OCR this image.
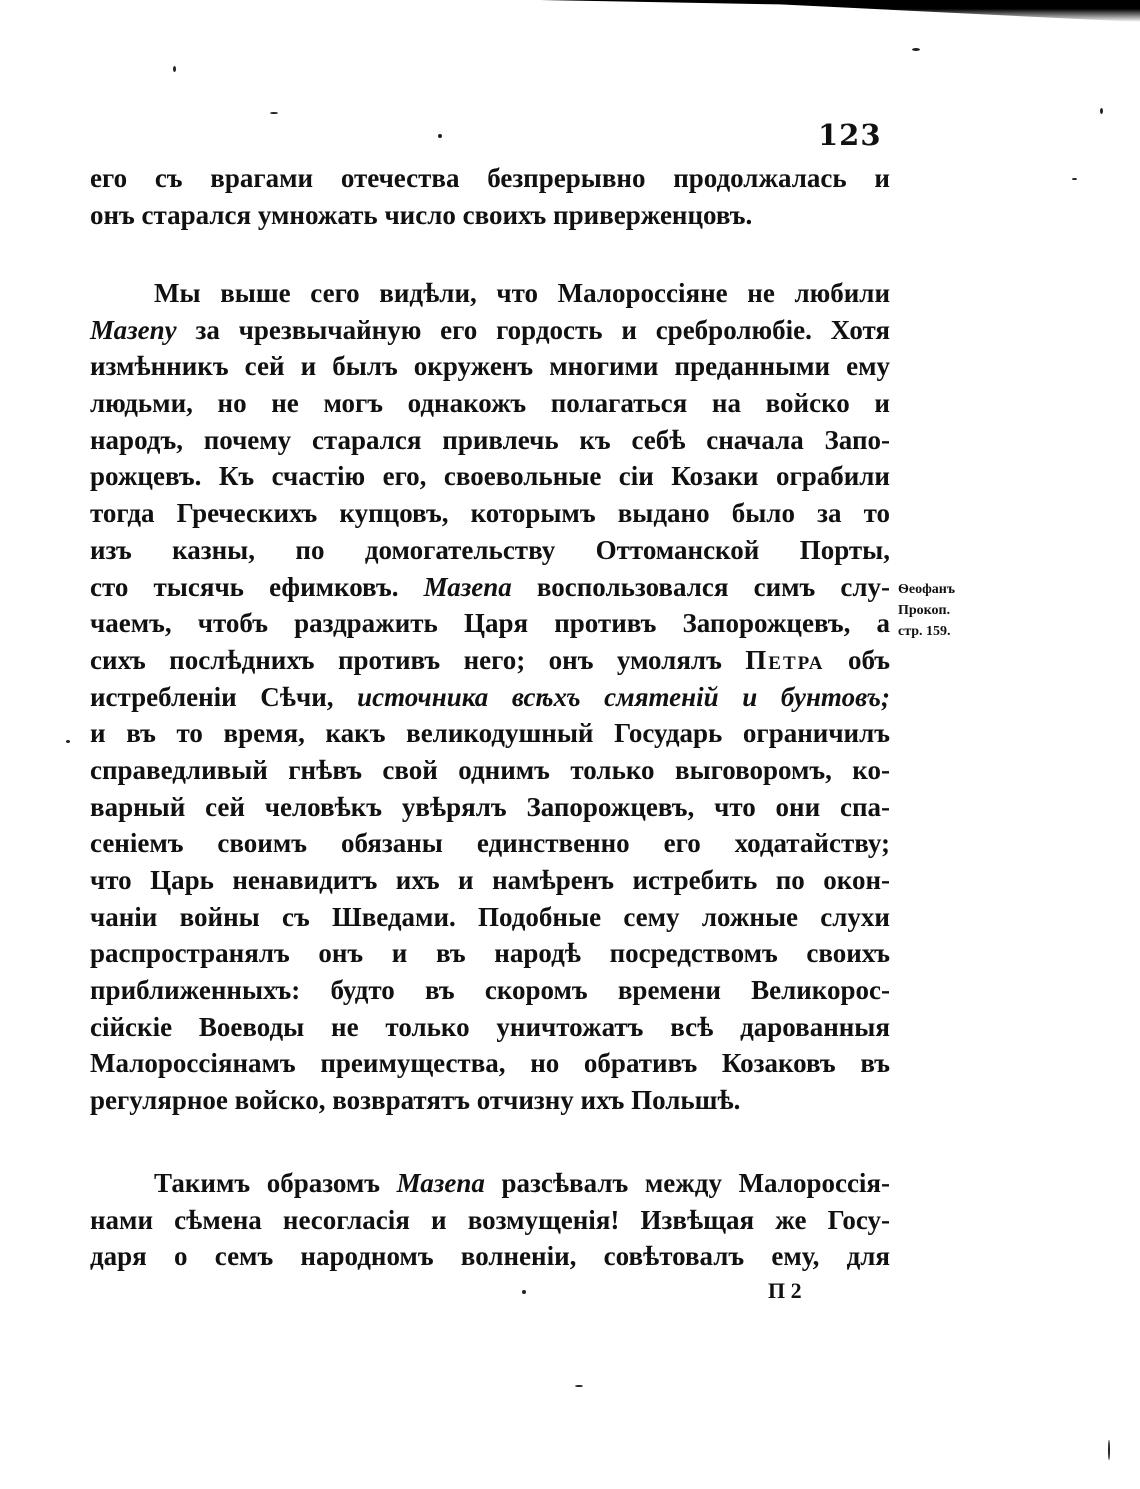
123
его съ врагами отечества безпрерывно продолжалась и
онъ старался умножать число своихъ приверженцовъ.
Мы выше сего видѣли, что Малороссіяне не любили
Мазепу за чрезвычайную его гордость и сребролюбіе. Хотя
измѣнникъ сей и былъ окруженъ многими преданными ему
людьми, но не могъ однакожъ полагаться на войско и
народъ, почему старался привлечь къ себѣ сначала Запо-
рожцевъ. Къ счастію его, своевольные сіи Козаки ограбили
тогда Греческихъ купцовъ, которымъ выдано было за то
изъ казны, по домогательству Оттоманской Порты,
сто тысячь ефимковъ. Мазепа воспользовался симъ слу-
чаемъ, чтобъ раздражить Царя противъ Запорожцевъ, а
сихъ послѣднихъ противъ него; онъ умолялъ Петра объ
истребленіи Сѣчи, источника всѣхъ смятеній и бунтовъ;
и въ то время, какъ великодушный Государь ограничилъ
справедливый гнѣвъ свой однимъ только выговоромъ, ко-
варный сей человѣкъ увѣрялъ Запорожцевъ, что они спа-
сеніемъ своимъ обязаны единственно его ходатайству;
что Царь ненавидитъ ихъ и намѣренъ истребить по окон-
чаніи войны съ Шведами. Подобные сему ложные слухи
распространялъ онъ и въ народѣ посредствомъ своихъ
приближенныхъ: будто въ скоромъ времени Великорос-
сійскіе Воеводы не только уничтожатъ всѣ дарованныя
Малороссіянамъ преимущества, но обративъ Козаковъ въ
регулярное войско, возвратятъ отчизну ихъ Польшѣ.
Ѳеофанъ
Прокоп.
стр. 159.
Такимъ образомъ Мазепа разсѣвалъ между Малороссія-
нами сѣмена несогласія и возмущенія! Извѣщая же Госу-
даря о семъ народномъ волненіи, совѣтовалъ ему, для
П 2
